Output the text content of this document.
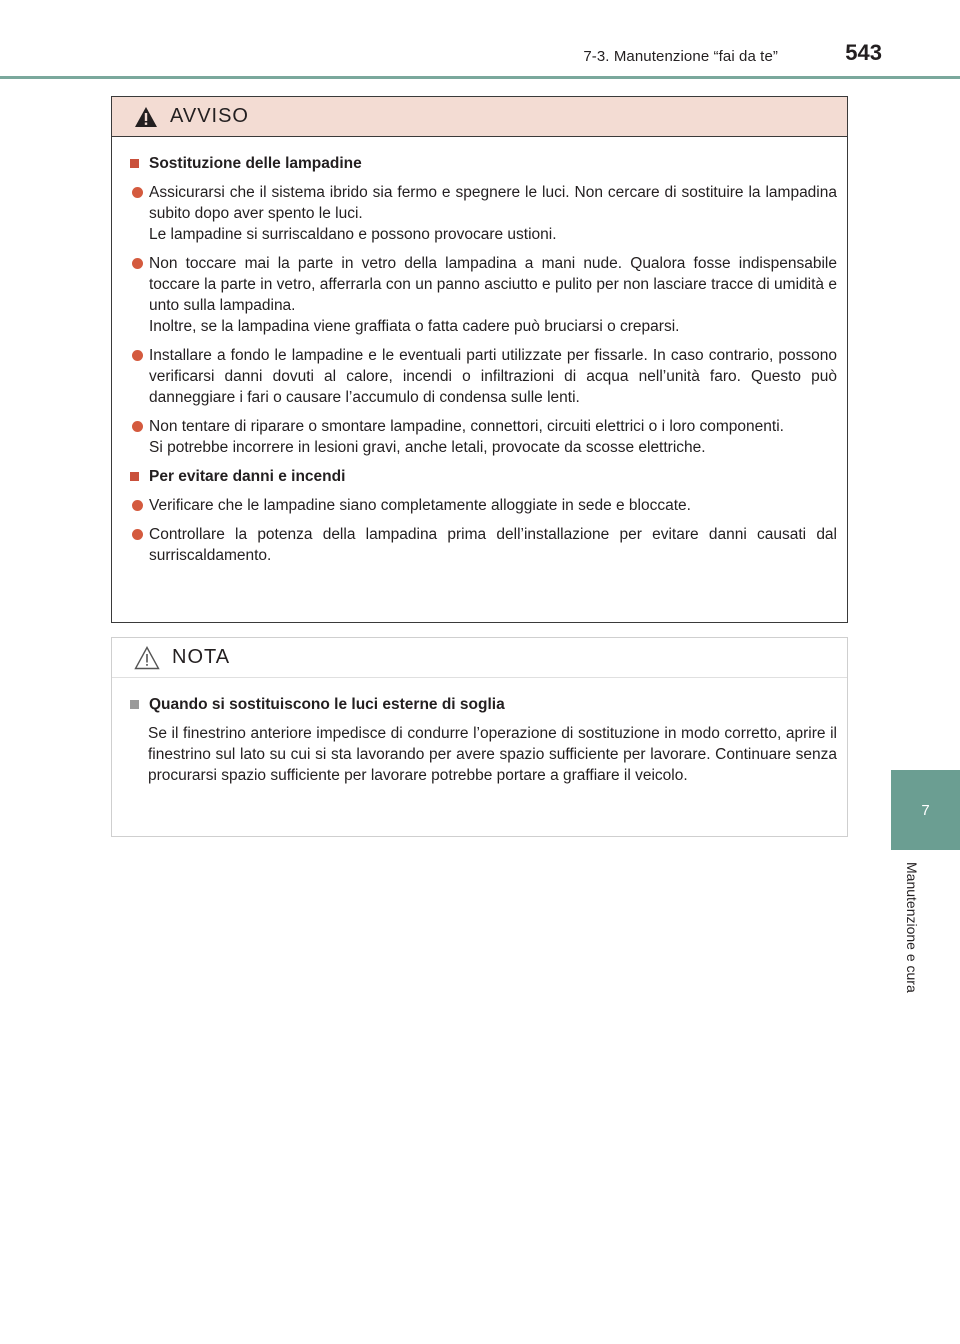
7-3. Manutenzione “fai da te”	543
7
Manutenzione e cura
AVVISO
Sostituzione delle lampadine
Assicurarsi che il sistema ibrido sia fermo e spegnere le luci. Non cercare di sostituire la lampadina subito dopo aver spento le luci.
Le lampadine si surriscaldano e possono provocare ustioni.
Non toccare mai la parte in vetro della lampadina a mani nude. Qualora fosse indispensabile toccare la parte in vetro, afferrarla con un panno asciutto e pulito per non lasciare tracce di umidità e unto sulla lampadina.
Inoltre, se la lampadina viene graffiata o fatta cadere può bruciarsi o creparsi.
Installare a fondo le lampadine e le eventuali parti utilizzate per fissarle. In caso contrario, possono verificarsi danni dovuti al calore, incendi o infiltrazioni di acqua nell’unità faro. Questo può danneggiare i fari o causare l’accumulo di condensa sulle lenti.
Non tentare di riparare o smontare lampadine, connettori, circuiti elettrici o i loro componenti.
Si potrebbe incorrere in lesioni gravi, anche letali, provocate da scosse elettriche.
Per evitare danni e incendi
Verificare che le lampadine siano completamente alloggiate in sede e bloccate.
Controllare la potenza della lampadina prima dell’installazione per evitare danni causati dal surriscaldamento.
NOTA
Quando si sostituiscono le luci esterne di soglia
Se il finestrino anteriore impedisce di condurre l’operazione di sostituzione in modo corretto, aprire il finestrino sul lato su cui si sta lavorando per avere spazio sufficiente per lavorare. Continuare senza procurarsi spazio sufficiente per lavorare potrebbe portare a graffiare il veicolo.
